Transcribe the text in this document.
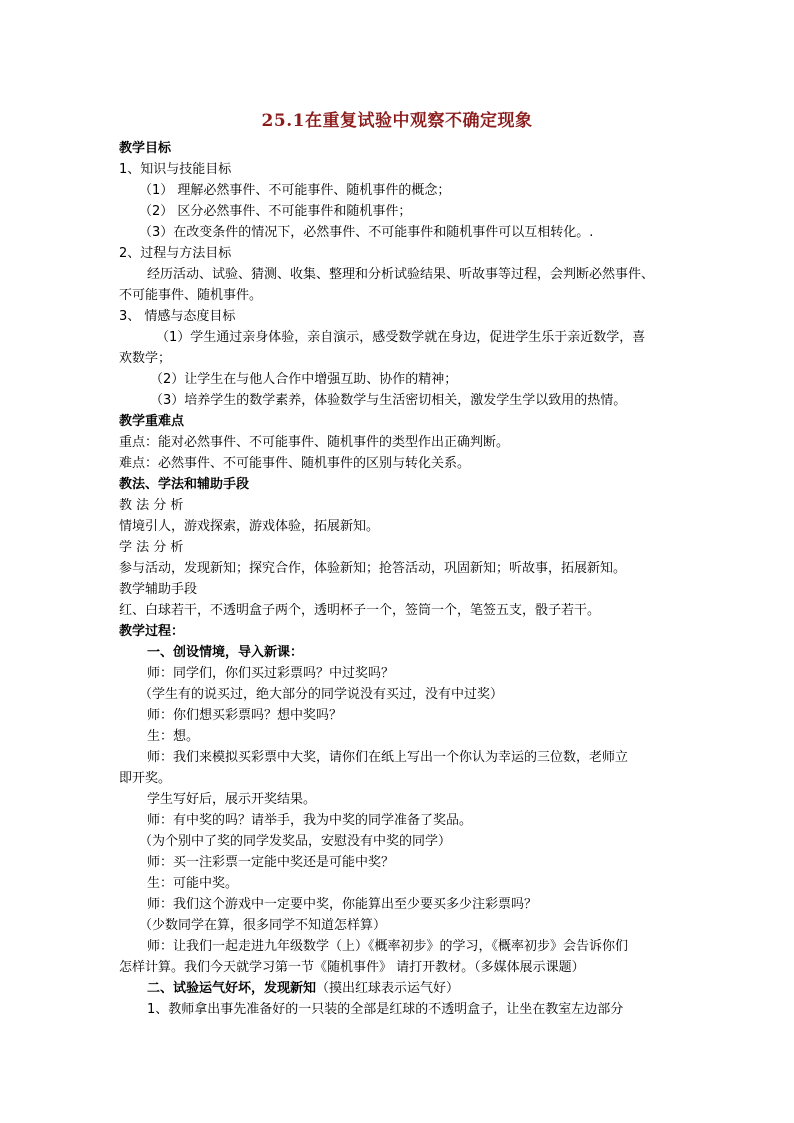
25.1在重复试验中观察不确定现象

教学目标

1、知识与技能目标

（1） 理解必然事件、不可能事件、随机事件的概念；

（2） 区分必然事件、不可能事件和随机事件；

（3）在改变条件的情况下，必然事件、不可能事件和随机事件可以互相转化。.

2、过程与方法目标

经历活动、试验、猜测、收集、整理和分析试验结果、听故事等过程，会判断必然事件、

不可能事件、随机事件。

3、 情感与态度目标

（1）学生通过亲身体验，亲自演示，感受数学就在身边，促进学生乐于亲近数学，喜

欢数学；

（2）让学生在与他人合作中增强互助、协作的精神；

（3）培养学生的数学素养，体验数学与生活密切相关，激发学生学以致用的热情。

教学重难点

重点：能对必然事件、不可能事件、随机事件的类型作出正确判断。

难点：必然事件、不可能事件、随机事件的区别与转化关系。

教法、学法和辅助手段

教 法 分 析

情境引人，游戏探索，游戏体验，拓展新知。

学 法 分 析

参与活动，发现新知；探究合作，体验新知；抢答活动，巩固新知；听故事，拓展新知。

教学辅助手段

红、白球若干，不透明盒子两个，透明杯子一个，签筒一个，笔签五支，骰子若干。

教学过程：

一、创设情境，导入新课：

师：同学们，你们买过彩票吗？中过奖吗？

（学生有的说买过，绝大部分的同学说没有买过，没有中过奖）

师：你们想买彩票吗？想中奖吗？

生：想。

师：我们来模拟买彩票中大奖，请你们在纸上写出一个你认为幸运的三位数，老师立

即开奖。

学生写好后，展示开奖结果。

师：有中奖的吗？请举手，我为中奖的同学准备了奖品。

（为个别中了奖的同学发奖品，安慰没有中奖的同学）

师：买一注彩票一定能中奖还是可能中奖？

生：可能中奖。

师：我们这个游戏中一定要中奖，你能算出至少要买多少注彩票吗？

（少数同学在算，很多同学不知道怎样算）

师：让我们一起走进九年级数学（上）《概率初步》的学习，《概率初步》会告诉你们

怎样计算。我们今天就学习第一节《随机事件》 请打开教材。（多媒体展示课题）

二、试验运气好坏，发现新知（摸出红球表示运气好）

1、教师拿出事先准备好的一只装的全部是红球的不透明盒子，让坐在教室左边部分
